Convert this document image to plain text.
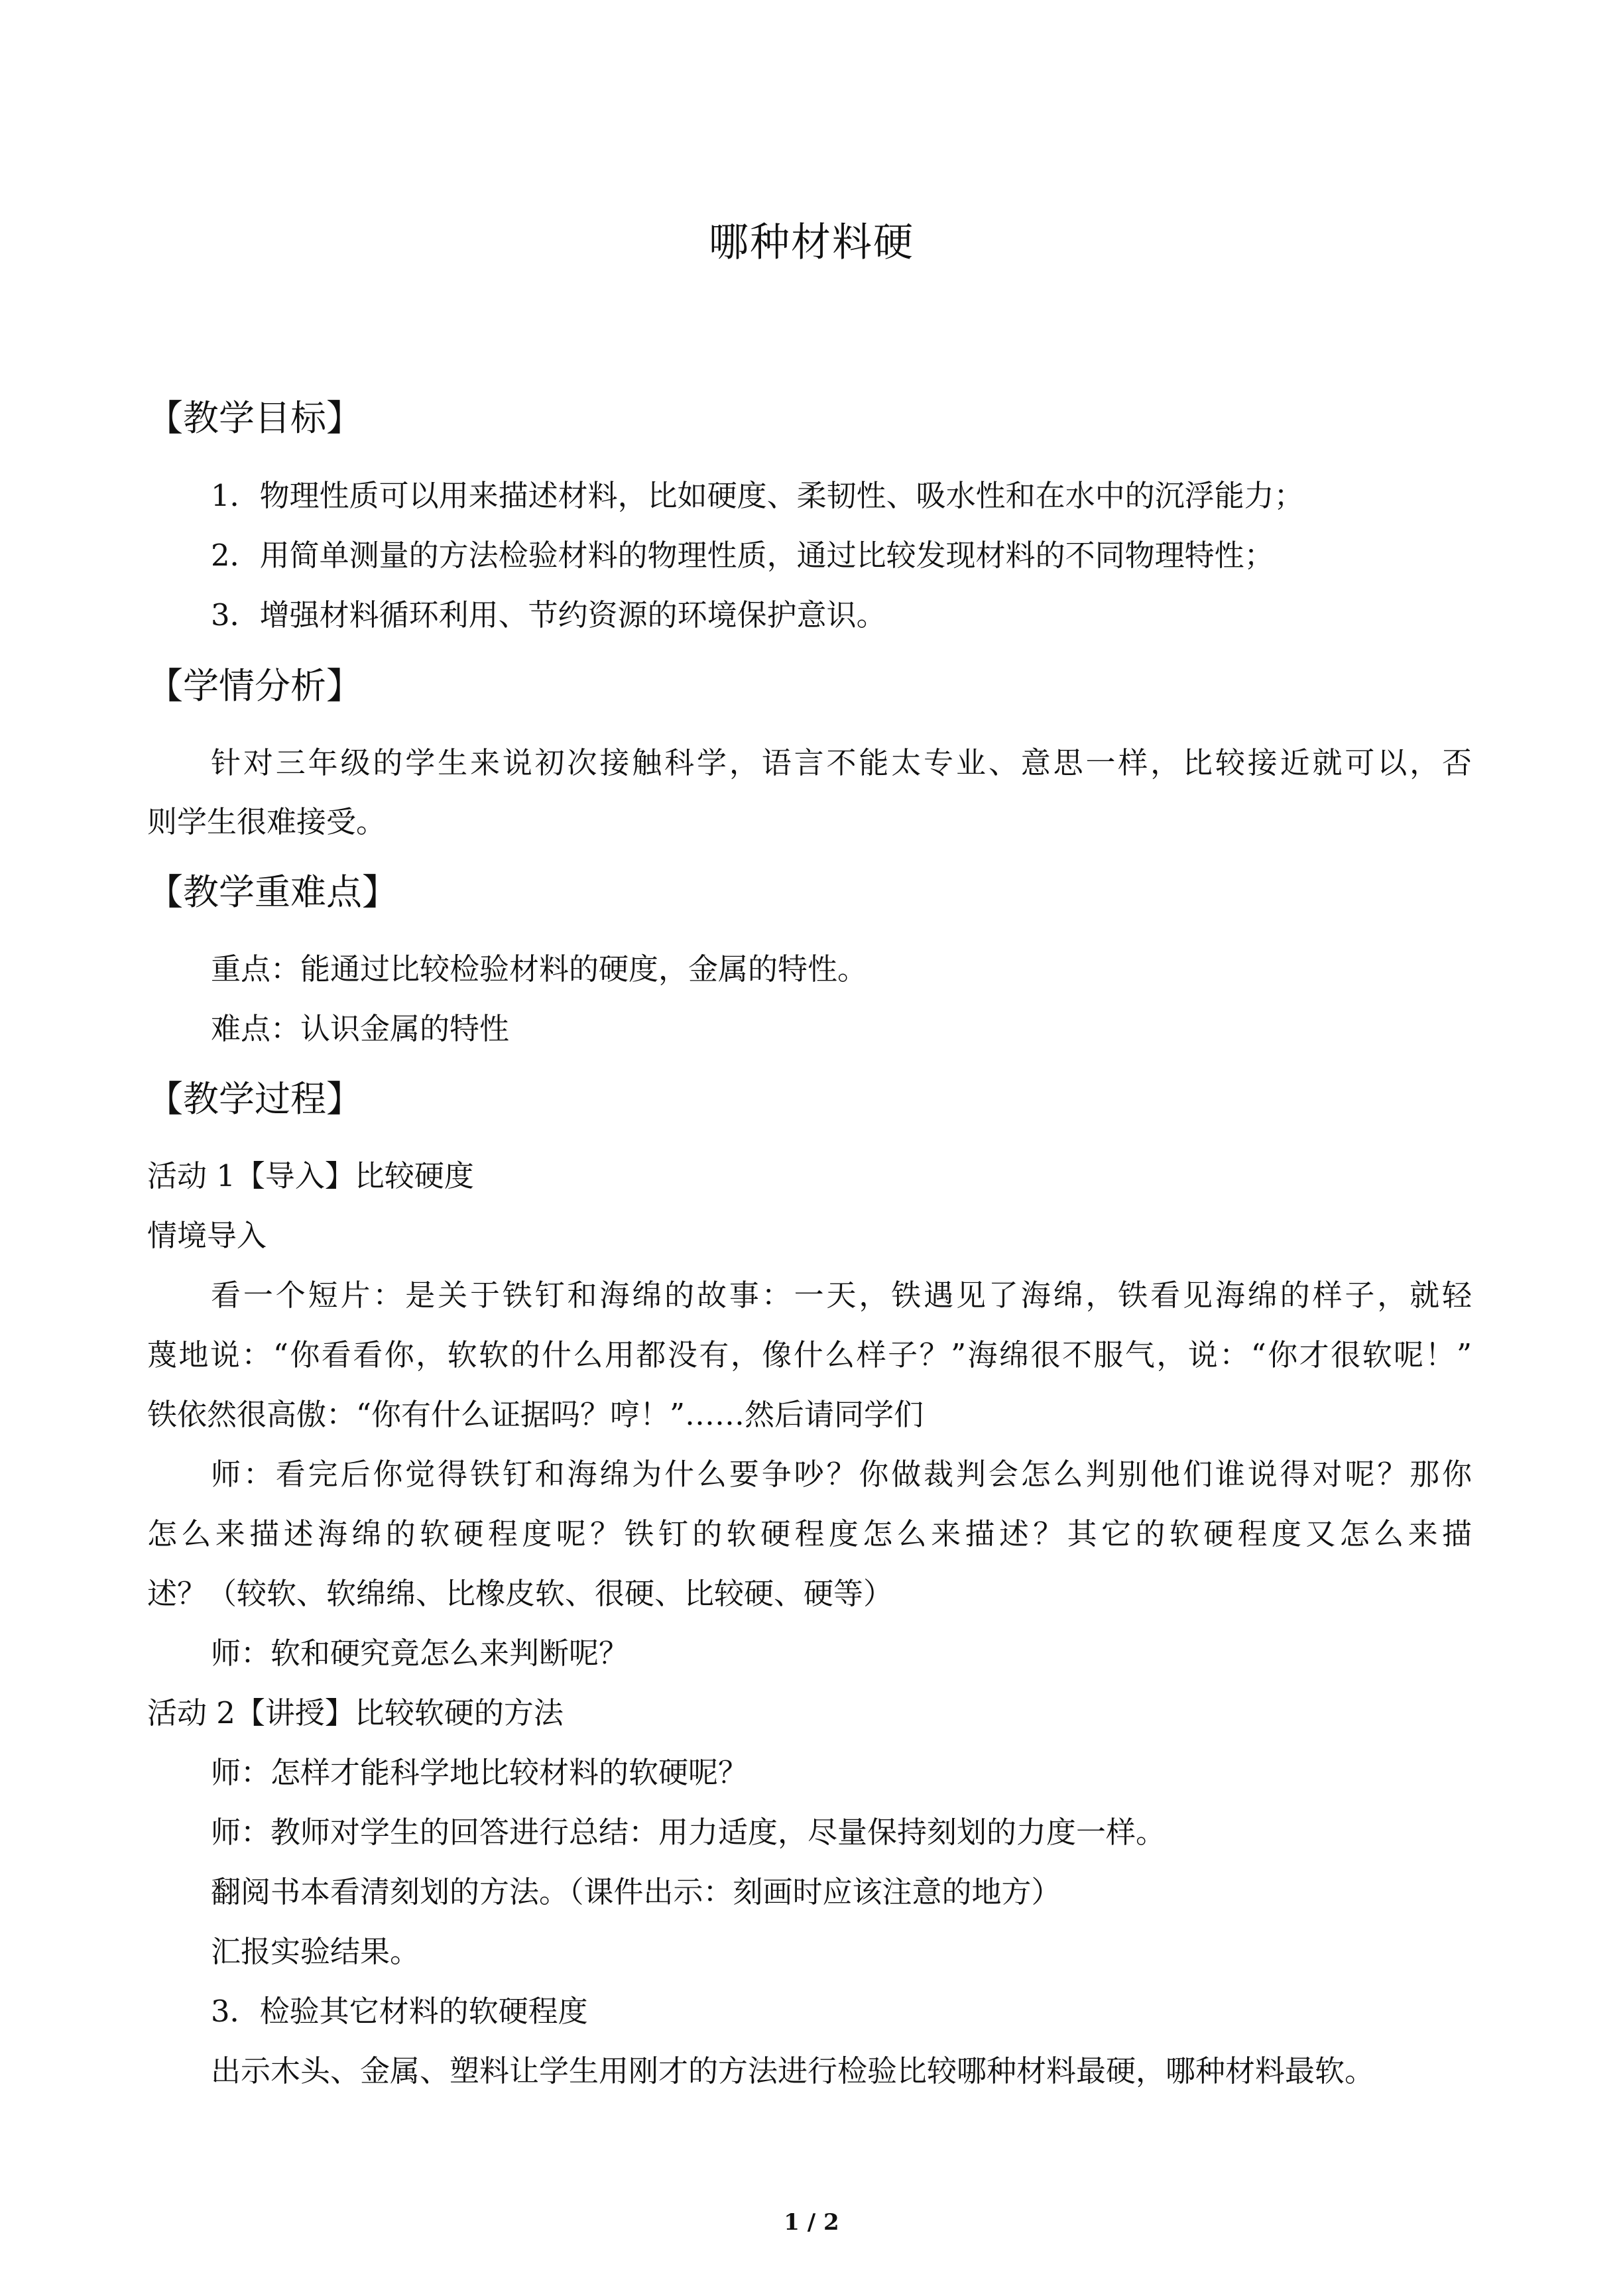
哪种材料硬
【教学目标】
1．物理性质可以用来描述材料，比如硬度、柔韧性、吸水性和在水中的沉浮能力；
2．用简单测量的方法检验材料的物理性质，通过比较发现材料的不同物理特性；
3．增强材料循环利用、节约资源的环境保护意识。
【学情分析】
针对三年级的学生来说初次接触科学，语言不能太专业、意思一样，比较接近就可以，否
则学生很难接受。
【教学重难点】
重点：能通过比较检验材料的硬度，金属的特性。
难点：认识金属的特性
【教学过程】
活动 1【导入】比较硬度
情境导入
看一个短片：是关于铁钉和海绵的故事：一天，铁遇见了海绵，铁看见海绵的样子，就轻
蔑地说：“你看看你，软软的什么用都没有，像什么样子？”海绵很不服气，说：“你才很软呢！”
铁依然很高傲：“你有什么证据吗？哼！”……然后请同学们
师：看完后你觉得铁钉和海绵为什么要争吵？你做裁判会怎么判别他们谁说得对呢？那你
怎么来描述海绵的软硬程度呢？铁钉的软硬程度怎么来描述？其它的软硬程度又怎么来描
述？（较软、软绵绵、比橡皮软、很硬、比较硬、硬等）
师：软和硬究竟怎么来判断呢？
活动 2【讲授】比较软硬的方法
师：怎样才能科学地比较材料的软硬呢？
师：教师对学生的回答进行总结：用力适度，尽量保持刻划的力度一样。
翻阅书本看清刻划的方法。（课件出示：刻画时应该注意的地方）
汇报实验结果。
3．检验其它材料的软硬程度
出示木头、金属、塑料让学生用刚才的方法进行检验比较哪种材料最硬，哪种材料最软。
1 / 2
